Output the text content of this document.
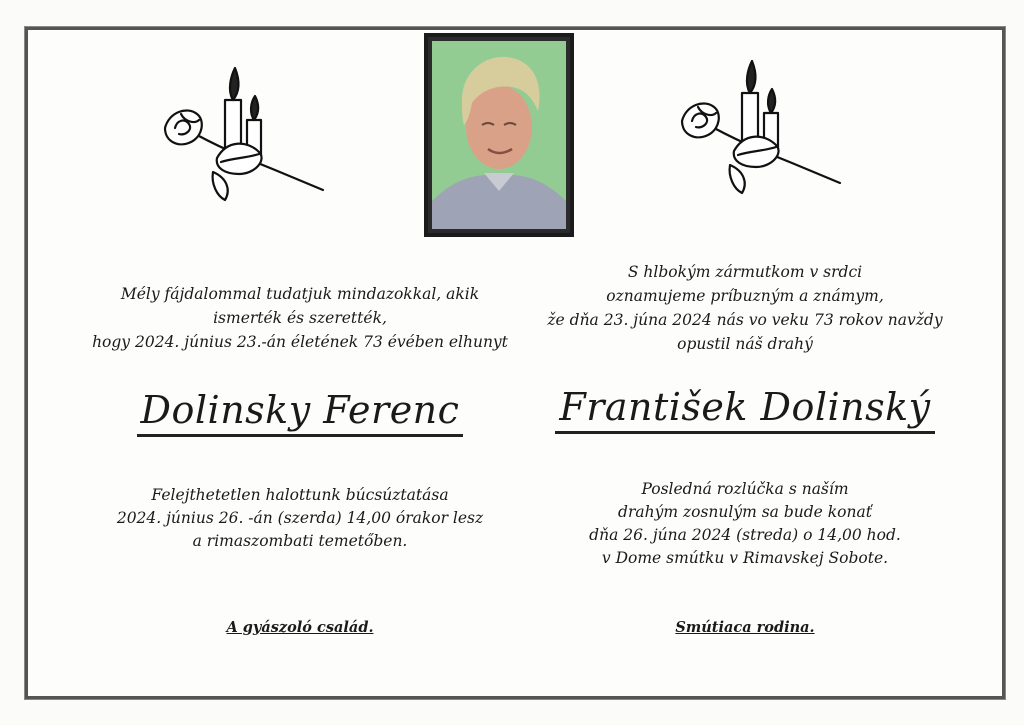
Mély fájdalommal tudatjuk mindazokkal, akik
ismerték és szerették,
hogy 2024. június 23.-án életének 73 évében elhunyt
Dolinsky Ferenc
Felejthetetlen halottunk búcsúztatása
2024. június 26. -án (szerda) 14,00 órakor lesz
a rimaszombati temetőben.
A gyászoló család.
S hlbokým zármutkom v srdci
oznamujeme príbuzným a známym,
že dňa 23. júna 2024 nás vo veku 73 rokov navždy
opustil náš drahý
František Dolinský
Posledná rozlúčka s naším
drahým zosnulým sa bude konať
dňa 26. júna 2024 (streda) o 14,00 hod.
v Dome smútku v Rimavskej Sobote.
Smútiaca rodina.
